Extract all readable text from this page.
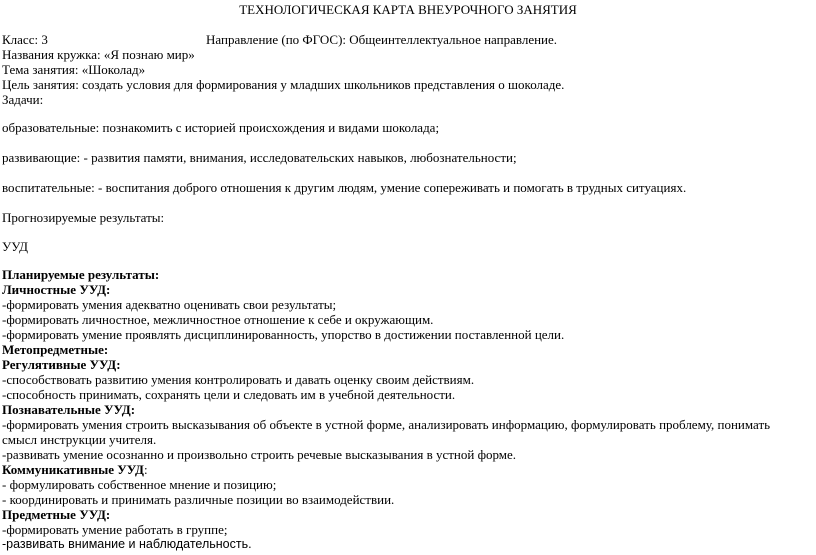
ТЕХНОЛОГИЧЕСКАЯ КАРТА ВНЕУРОЧНОГО ЗАНЯТИЯ
Класс: 3	Направление (по ФГОС): Общеинтеллектуальное направление.
Названия кружка: «Я познаю мир»
Тема занятия: «Шоколад»
Цель занятия: создать условия для формирования у младших школьников представления о шоколаде.
Задачи:
образовательные: познакомить с историей происхождения и видами шоколада;
развивающие: - развития памяти, внимания, исследовательских навыков, любознательности;
воспитательные: - воспитания доброго отношения к другим людям, умение сопереживать и помогать в трудных ситуациях.
Прогнозируемые результаты:
УУД
Планируемые результаты:
Личностные УУД:
-формировать умения адекватно оценивать свои результаты;
-формировать личностное, межличностное отношение к себе и окружающим.
-формировать умение проявлять дисциплинированность, упорство в достижении поставленной цели.
Метопредметные:
Регулятивные УУД:
-способствовать развитию умения контролировать и давать оценку своим действиям.
-способность принимать, сохранять цели и следовать им в учебной деятельности.
Познавательные УУД:
-формировать умения строить высказывания об объекте в устной форме, анализировать информацию, формулировать проблему, понимать смысл инструкции учителя.
-развивать умение осознанно и произвольно строить речевые высказывания в устной форме.
Коммуникативные УУД:
- формулировать собственное мнение и позицию;
- координировать и принимать различные позиции во взаимодействии.
Предметные УУД:
-формировать умение работать в группе;
-развивать внимание и наблюдательность.
